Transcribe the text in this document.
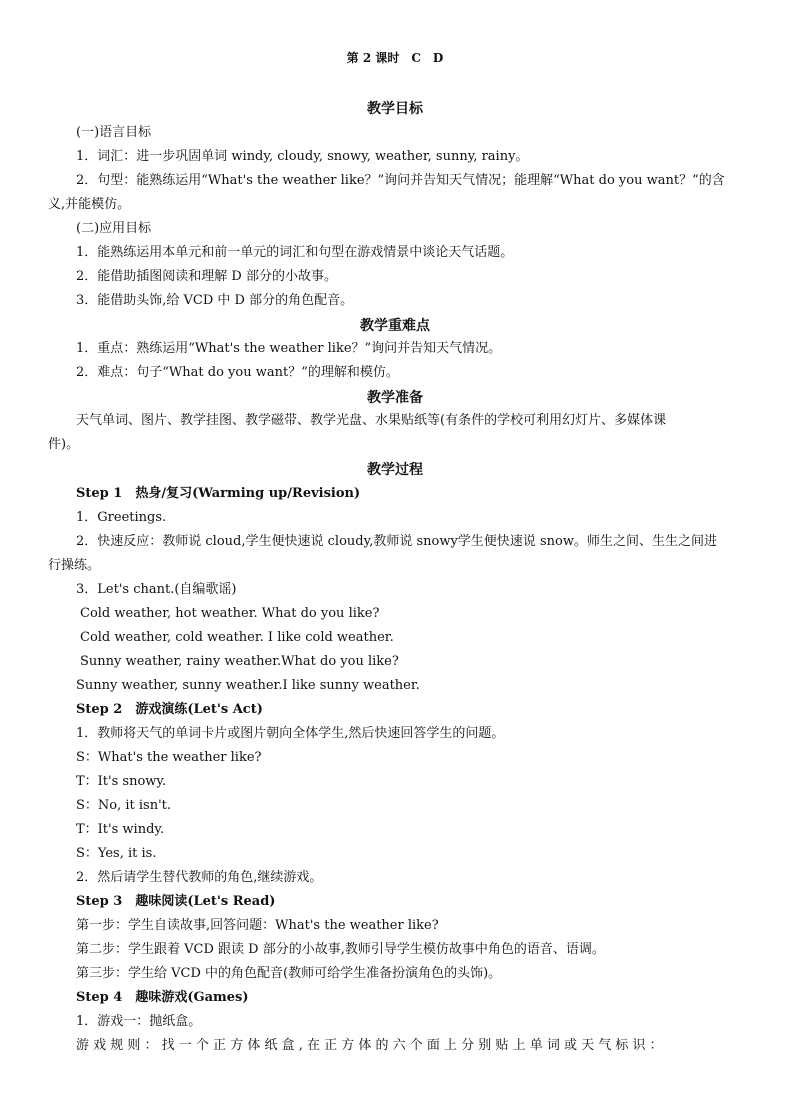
第 2 课时　C　D
教学目标
(一)语言目标
1．词汇：进一步巩固单词 windy, cloudy, snowy, weather, sunny, rainy。
2．句型：能熟练运用“What's the weather like？”询问并告知天气情况；能理解“What do you want？”的含
义,并能模仿。
(二)应用目标
1．能熟练运用本单元和前一单元的词汇和句型在游戏情景中谈论天气话题。
2．能借助插图阅读和理解 D 部分的小故事。
3．能借助头饰,给 VCD 中 D 部分的角色配音。
教学重难点
1．重点：熟练运用“What's the weather like？”询问并告知天气情况。
2．难点：句子“What do you want？”的理解和模仿。
教学准备
天气单词、图片、教学挂图、教学磁带、教学光盘、水果贴纸等(有条件的学校可利用幻灯片、多媒体课
件)。
教学过程
Step 1　热身/复习(Warming up/Revision)
1．Greetings.
2．快速反应：教师说 cloud,学生便快速说 cloudy,教师说 snowy学生便快速说 snow。师生之间、生生之间进
行操练。
3．Let's chant.(自编歌谣)
Cold weather, hot weather. What do you like?
Cold weather, cold weather. I like cold weather.
Sunny weather, rainy weather.What do you like?
Sunny weather, sunny weather.I like sunny weather.
Step 2　游戏演练(Let's Act)
1．教师将天气的单词卡片或图片朝向全体学生,然后快速回答学生的问题。
S：What's the weather like?
T：It's snowy.
S：No, it isn't.
T：It's windy.
S：Yes, it is.
2．然后请学生替代教师的角色,继续游戏。
Step 3　趣味阅读(Let's Read)
第一步：学生自读故事,回答问题：What's the weather like?
第二步：学生跟着 VCD 跟读 D 部分的小故事,教师引导学生模仿故事中角色的语音、语调。
第三步：学生给 VCD 中的角色配音(教师可给学生准备扮演角色的头饰)。
Step 4　趣味游戏(Games)
1．游戏一：抛纸盒。
游 戏 规 则 ： 找 一 个 正 方 体 纸 盒 , 在 正 方 体 的 六 个 面 上 分 别 贴 上 单 词 或 天 气 标 识 ：
